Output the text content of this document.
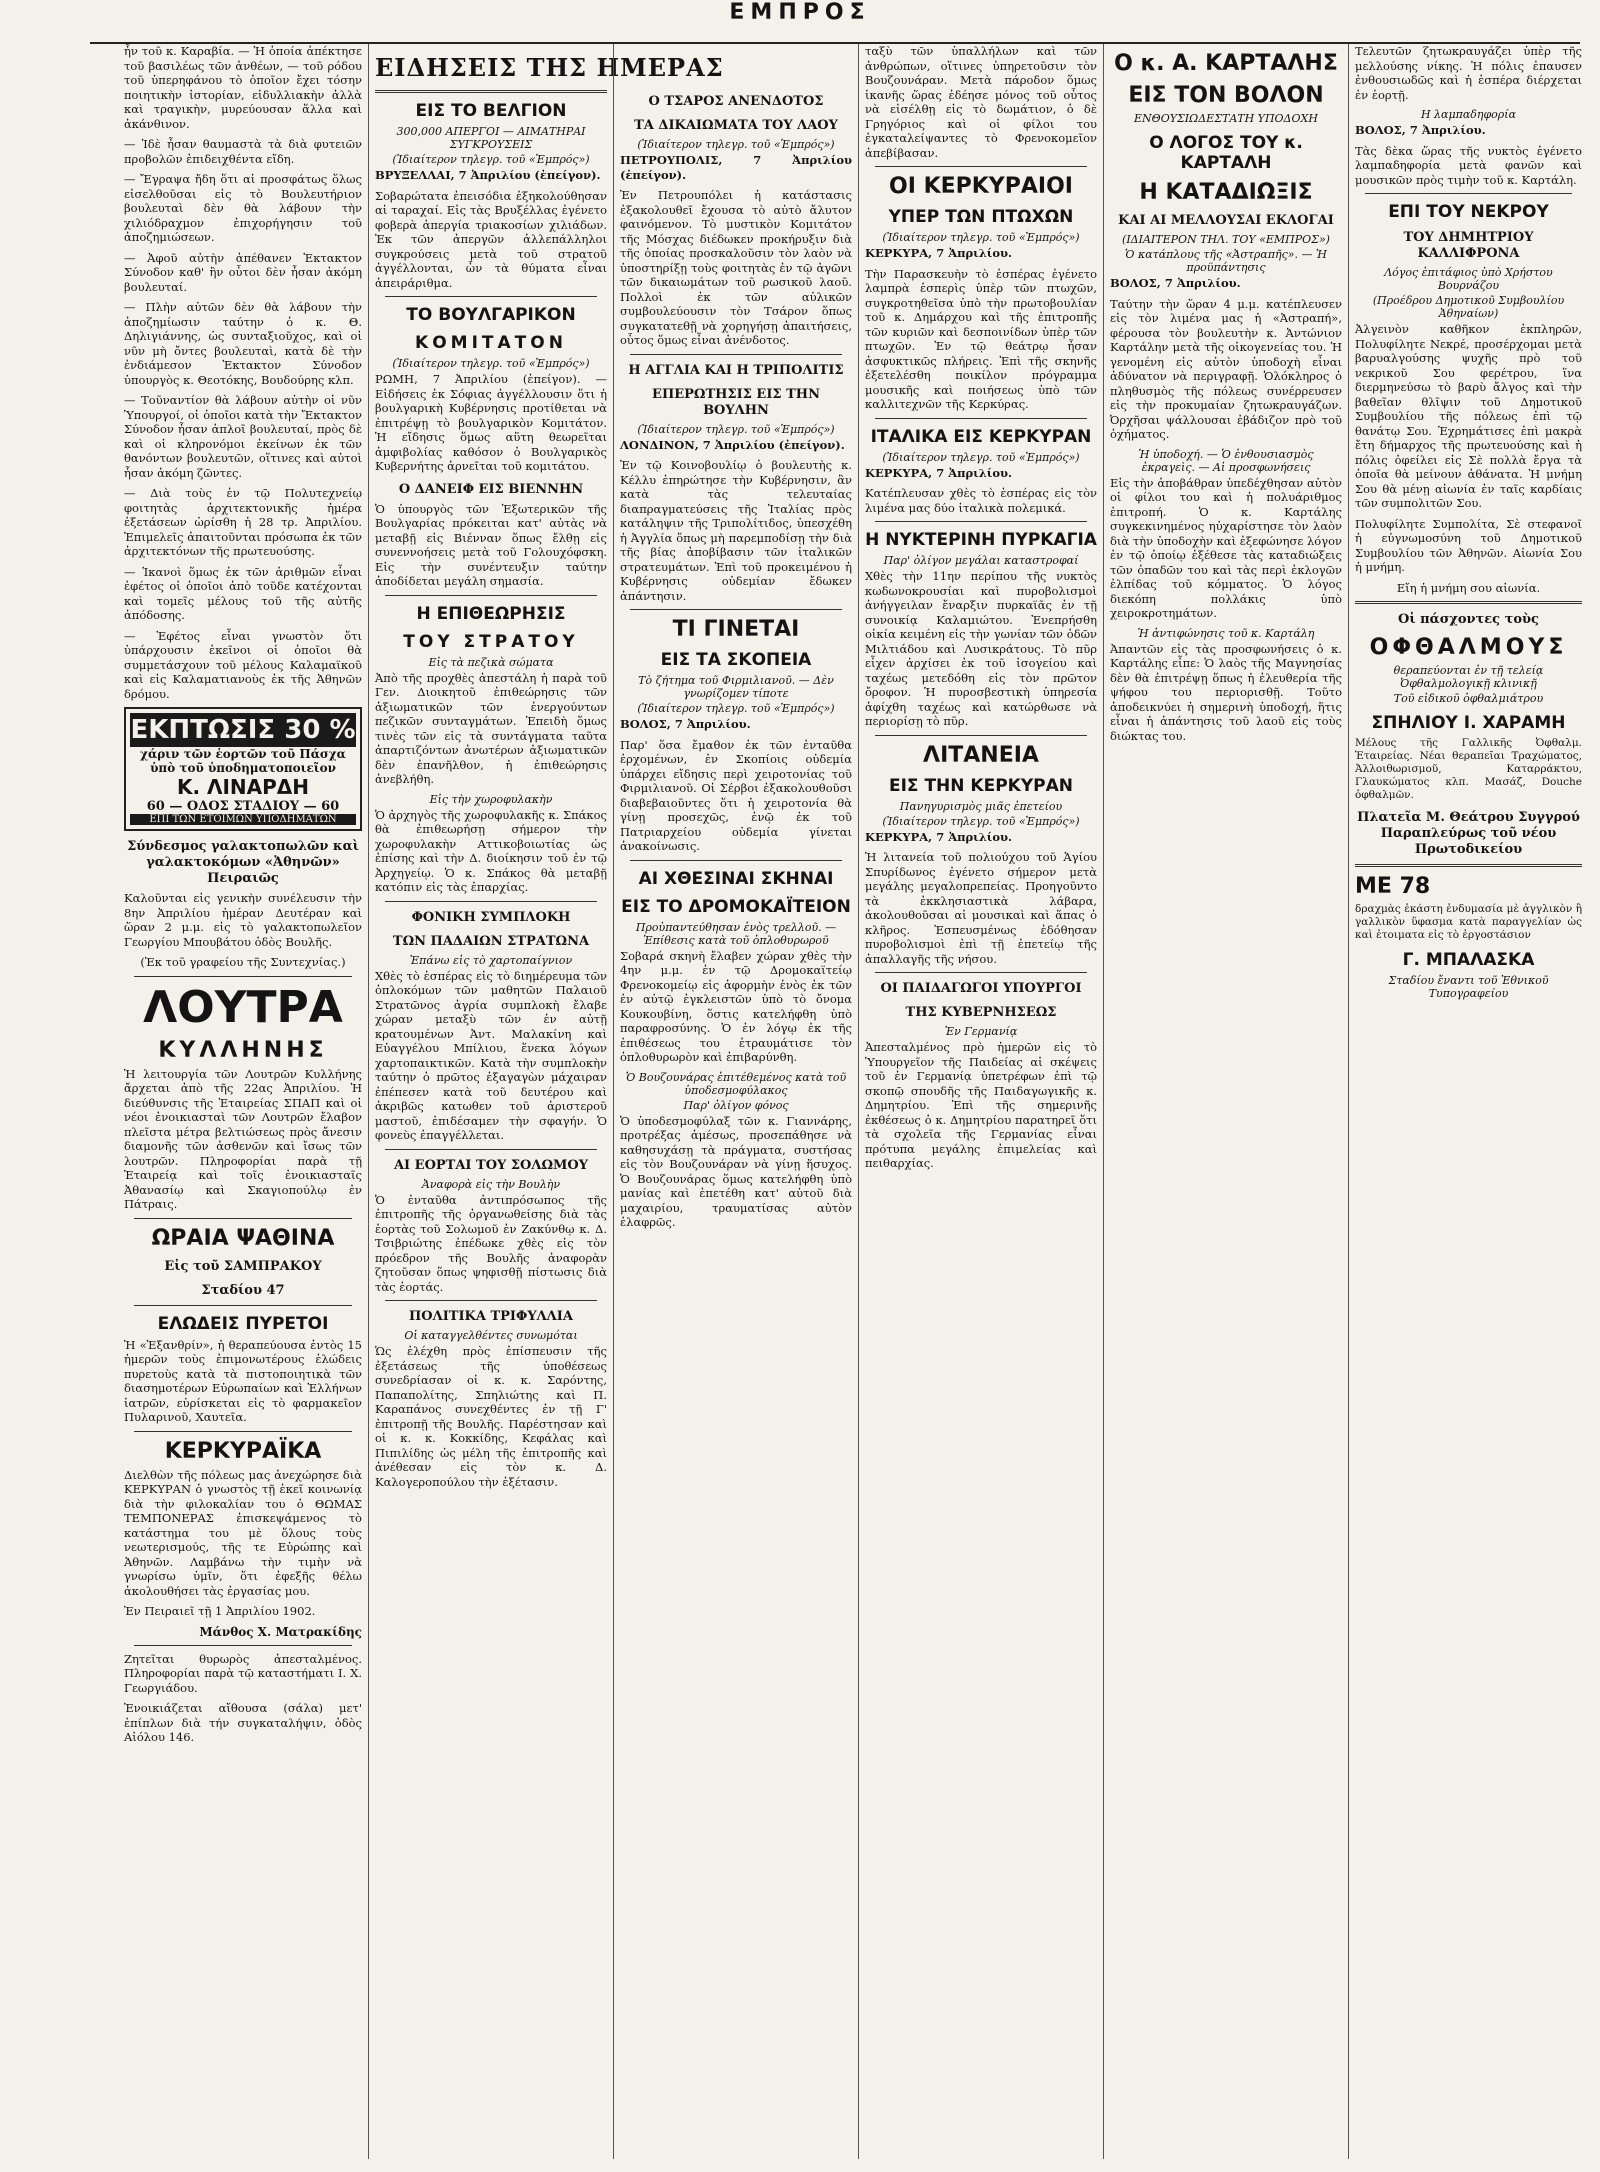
ΕΜΠΡΟΣ

ἦν τοῦ κ. Καραβία. — Ἡ ὁποία ἀπέκτησε τοῦ βασιλέως τῶν ἀνθέων, — τοῦ ρόδου τοῦ ὑπερηφάνου τὸ ὁποῖον ἔχει τόσην ποιητικὴν ἱστορίαν, εἰδυλλιακὴν ἀλλὰ καὶ τραγικὴν, μυρεύουσαν ἅλλα καὶ ἀκάνθινον.

— Ἰδὲ ἦσαν θαυμαστὰ τὰ διὰ φυτειῶν προβολῶν ἐπιδειχθέντα εἴδη.

— Ἔγραψα ἤδη ὅτι αἱ προσφάτως ὅλως εἰσελθοῦσαι εἰς τὸ Βουλευτήριον βουλευταὶ δὲν θὰ λάβουν τὴν χιλιόδραχμον ἐπιχορήγησιν τοῦ ἀποζημιώσεων.

— Ἀφοῦ αὐτὴν ἀπέθανεν Ἐκτακτον Σύνοδον καθ' ἣν οὗτοι δὲν ἦσαν ἀκόμη βουλευταί.

— Πλὴν αὐτῶν δὲν θὰ λάβουν τὴν ἀποζημίωσιν ταύτην ὁ κ. Θ. Δηλιγιάννης, ὡς συνταξιοῦχος, καὶ οἱ νῦν μὴ ὄντες βουλευταὶ, κατὰ δὲ τὴν ἐνδιάμεσον Ἐκτακτον Σύνοδον ὑπουργὸς κ. Θεοτόκης, Βουδούρης κλπ.

— Τοῦναντίον θὰ λάβουν αὐτὴν οἱ νῦν Ὑπουργοί, οἱ ὁποῖοι κατὰ τὴν Ἔκτακτον Σύνοδον ἦσαν ἁπλοῖ βουλευταί, πρὸς δὲ καὶ οἱ κληρονόμοι ἐκείνων ἐκ τῶν θανόντων βουλευτῶν, οἵτινες καὶ αὐτοὶ ἦσαν ἀκόμη ζῶντες.

— Διὰ τοὺς ἐν τῷ Πολυτεχνείῳ φοιτητὰς ἀρχιτεκτονικῆς ἡμέρα ἐξετάσεων ὡρίσθη ἡ 28 τρ. Ἀπριλίου. Ἐπιμελεῖς ἀπαιτοῦνται πρόσωπα ἐκ τῶν ἀρχιτεκτόνων τῆς πρωτευούσης.

— Ἱκανοὶ ὅμως ἐκ τῶν ἀριθμῶν εἶναι ἐφέτος οἱ ὁποῖοι ἀπὸ τοῦδε κατέχονται καὶ τομεῖς μέλους τοῦ τῆς αὐτῆς ἀπόδοσης.

— Ἐφέτος εἶναι γνωστὸν ὅτι ὑπάρχουσιν ἐκεῖνοι οἱ ὁποῖοι θὰ συμμετάσχουν τοῦ μέλους Καλαμαϊκοῦ καὶ εἰς Καλαματιανοὺς ἐκ τῆς Ἀθηνῶν δρόμου.

ΕΚΠΤΩΣΙΣ 30 %
χάριν τῶν ἑορτῶν τοῦ Πάσχα ὑπὸ τοῦ ὑποδηματοποιεῖον
Κ. ΛΙΝΑΡΔΗ
60 — ΟΔΟΣ ΣΤΑΔΙΟΥ — 60
ΕΠΙ ΤΩΝ ΕΤΟΙΜΩΝ ΥΠΟΔΗΜΑΤΩΝ
Σύνδεσμος γαλακτοπωλῶν καὶ γαλακτοκόμων «Ἀθηνῶν» Πειραιῶς

Καλοῦνται εἰς γενικὴν συνέλευσιν τὴν 8ην Ἀπριλίου ἡμέραν Δευτέραν καὶ ὥραν 2 μ.μ. εἰς τὸ γαλακτοπωλεῖον Γεωργίου Μπουβάτου ὁδὸς Βουλῆς.

(Ἐκ τοῦ γραφείου τῆς Συντεχνίας.)

ΛΟΥΤΡΑ
ΚΥΛΛΗΝΗΣ

Ἡ λειτουργία τῶν Λουτρῶν Κυλλήνης ἄρχεται ἀπὸ τῆς 22ας Ἀπριλίου. Ἡ διεύθυνσις τῆς Ἑταιρείας ΣΠΑΠ καὶ οἱ νέοι ἐνοικιασταὶ τῶν Λουτρῶν ἔλαβον πλεῖστα μέτρα βελτιώσεως πρὸς ἄνεσιν διαμονῆς τῶν ἀσθενῶν καὶ ἴσως τῶν λουτρῶν. Πληροφορίαι παρὰ τῇ Ἑταιρείᾳ καὶ τοῖς ἐνοικιασταῖς Ἀθανασίῳ καὶ Σκαγιοπούλῳ ἐν Πάτραις.

ΩΡΑΙΑ ΨΑΘΙΝΑ
Εἰς τοῦ ΣΑΜΠΡΑΚΟΥ
Σταδίου 47
ΕΛΩΔΕΙΣ ΠΥΡΕΤΟΙ

Ἡ «Ἐξανθρίν», ἡ θεραπεύουσα ἐντὸς 15 ἡμερῶν τοὺς ἐπιμονωτέρους ἑλώδεις πυρετοὺς κατὰ τὰ πιστοποιητικὰ τῶν διασημοτέρων Εὐρωπαίων καὶ Ἑλλήνων ἰατρῶν, εὑρίσκεται εἰς τὸ φαρμακεῖον Πυλαρινοῦ, Χαυτεῖα.

ΚΕΡΚΥΡΑΪΚΑ

Διελθὼν τῆς πόλεως μας ἀνεχώρησε διὰ ΚΕΡΚΥΡΑΝ ὁ γνωστὸς τῇ ἐκεῖ κοινωνίᾳ διὰ τὴν φιλοκαλίαν του ὁ ΘΩΜΑΣ ΤΕΜΠΟΝΕΡΑΣ ἐπισκεψάμενος τὸ κατάστημα του μὲ ὅλους τοὺς νεωτερισμούς, τῆς τε Εὐρώπης καὶ Ἀθηνῶν. Λαμβάνω τὴν τιμὴν νὰ γνωρίσω ὑμῖν, ὅτι ἐφεξῆς θέλω ἀκολουθήσει τὰς ἐργασίας μου.

Ἐν Πειραιεῖ τῇ 1 Ἀπριλίου 1902.

Μάνθος Χ. Ματρακίδης

Ζητεῖται θυρωρὸς ἀπεσταλμένος. Πληροφορίαι παρὰ τῷ καταστήματι Ι. Χ. Γεωργιάδου.

Ἐνοικιάζεται αἴθουσα (σάλα) μετ' ἐπίπλων διὰ τήν συγκαταλήψιν, ὁδὸς Αἰόλου 146.

ΕΙΔΗΣΕΙΣ ΤΗΣ ΗΜΕΡΑΣ
ΕΙΣ ΤΟ ΒΕΛΓΙΟΝ
300,000 ΑΠΕΡΓΟΙ — ΑΙΜΑΤΗΡΑΙ ΣΥΓΚΡΟΥΣΕΙΣ
(Ἰδιαίτερον τηλεγρ. τοῦ «Ἐμπρός»)

ΒΡΥΞΕΛΛΑΙ, 7 Ἀπριλίου (ἐπείγον).

Σοβαρώτατα ἐπεισόδια ἐξηκολούθησαν αἱ ταραχαί. Εἰς τὰς Βρυξέλλας ἐγένετο φοβερὰ ἀπεργία τριακοσίων χιλιάδων. Ἐκ τῶν ἀπεργῶν ἀλλεπάλληλοι συγκρούσεις μετὰ τοῦ στρατοῦ ἀγγέλλονται, ὧν τὰ θύματα εἶναι ἀπειράριθμα.

ΤΟ ΒΟΥΛΓΑΡΙΚΟΝ
ΚΟΜΙΤΑΤΟΝ
(Ἰδιαίτερον τηλεγρ. τοῦ «Ἐμπρός»)

ΡΩΜΗ, 7 Ἀπριλίου (ἐπείγον). — Εἰδήσεις ἐκ Σόφιας ἀγγέλλουσιν ὅτι ἡ βουλγαρικὴ Κυβέρνησις προτίθεται νὰ ἐπιτρέψῃ τὸ βουλγαρικὸν Κομιτάτον. Ἡ εἴδησις ὅμως αὕτη θεωρεῖται ἀμφιβολίας καθόσον ὁ Βουλγαρικὸς Κυβερνήτης ἀρνεῖται τοῦ κομιτάτου.

Ο ΔΑΝΕΙΦ ΕΙΣ ΒΙΕΝΝΗΝ

Ὁ ὑπουργὸς τῶν Ἐξωτερικῶν τῆς Βουλγαρίας πρόκειται κατ' αὐτὰς νὰ μεταβῇ εἰς Βιένναν ὅπως ἔλθῃ εἰς συνεννοήσεις μετὰ τοῦ Γολουχόφσκη. Εἰς τὴν συνέντευξιν ταύτην ἀποδίδεται μεγάλη σημασία.

Η ΕΠΙΘΕΩΡΗΣΙΣ
ΤΟΥ ΣΤΡΑΤΟΥ
Εἰς τὰ πεζικὰ σώματα

Ἀπὸ τῆς προχθὲς ἀπεστάλη ἡ παρὰ τοῦ Γεν. Διοικητοῦ ἐπιθεώρησις τῶν ἀξιωματικῶν τῶν ἐνεργούντων πεζικῶν συνταγμάτων. Ἐπειδὴ ὅμως τινὲς τῶν εἰς τὰ συντάγματα ταῦτα ἀπαρτιζόντων ἀνωτέρων ἀξιωματικῶν δὲν ἐπανῆλθον, ἡ ἐπιθεώρησις ἀνεβλήθη.

Εἰς τὴν χωροφυλακὴν

Ὁ ἀρχηγὸς τῆς χωροφυλακῆς κ. Σπάκος θὰ ἐπιθεωρήσῃ σήμερον τὴν χωροφυλακὴν Αττικοβοιωτίας ὡς ἐπίσης καὶ τὴν Δ. διοίκησιν τοῦ ἐν τῷ Ἀρχηγείῳ. Ὁ κ. Σπάκος θὰ μεταβῇ κατόπιν εἰς τὰς ἐπαρχίας.

ΦΟΝΙΚΗ ΣΥΜΠΛΟΚΗ
ΤΩΝ ΠΑΔΑΙΩΝ ΣΤΡΑΤΩΝΑ
Ἐπάνω εἰς τὸ χαρτοπαίγνιον

Χθὲς τὸ ἑσπέρας εἰς τὸ διημέρευμα τῶν ὁπλοκόμων τῶν μαθητῶν Παλαιοῦ Στρατῶνος ἀγρία συμπλοκὴ ἔλαβε χώραν μεταξὺ τῶν ἐν αὐτῇ κρατουμένων Ἀντ. Μαλακίνη καὶ Εὐαγγέλου Μπίλιου, ἕνεκα λόγων χαρτοπαικτικῶν. Κατὰ τὴν συμπλοκὴν ταύτην ὁ πρῶτος ἐξαγαγὼν μάχαιραν ἐπέπεσεν κατὰ τοῦ δευτέρου καὶ ἀκριβῶς κατωθεν τοῦ ἀριστεροῦ μαστοῦ, ἐπιδέσαμεν τὴν σφαγήν. Ὁ φονεὺς ἐπαγγέλλεται.

ΑΙ ΕΟΡΤΑΙ ΤΟΥ ΣΟΛΩΜΟΥ
Ἀναφορὰ εἰς τὴν Βουλὴν

Ὁ ἐνταῦθα ἀντιπρόσωπος τῆς ἐπιτροπῆς τῆς ὀργανωθείσης διὰ τὰς ἑορτὰς τοῦ Σολωμοῦ ἐν Ζακύνθῳ κ. Δ. Τσιβριώτης ἐπέδωκε χθὲς εἰς τὸν πρόεδρον τῆς Βουλῆς ἀναφορὰν ζητοῦσαν ὅπως ψηφισθῇ πίστωσις διὰ τὰς ἑορτάς.

ΠΟΛΙΤΙΚΑ ΤΡΙΦΥΛΛΙΑ
Οἱ καταγγελθέντες συνωμόται

Ὡς ἐλέχθη πρὸς ἐπίσπευσιν τῆς ἐξετάσεως τῆς ὑποθέσεως συνεδρίασαν οἱ κ. κ. Σαρόντης, Παπαπολίτης, Σπηλιώτης καὶ Π. Καραπάνος συνεχθέντες ἐν τῇ Γ' ἐπιτροπῇ τῆς Βουλῆς. Παρέστησαν καὶ οἱ κ. κ. Κοκκίδης, Κεφάλας καὶ Πιπιλίδης ὡς μέλη τῆς ἐπιτροπῆς καὶ ἀνέθεσαν εἰς τὸν κ. Δ. Καλογεροπούλου τὴν ἐξέτασιν.

Ο ΤΣΑΡΟΣ ΑΝΕΝΔΟΤΟΣ
ΤΑ ΔΙΚΑΙΩΜΑΤΑ ΤΟΥ ΛΑΟΥ
(Ἰδιαίτερον τηλεγρ. τοῦ «Ἐμπρός»)

ΠΕΤΡΟΥΠΟΛΙΣ, 7 Ἀπριλίου (ἐπείγον).

Ἐν Πετρουπόλει ἡ κατάστασις ἐξακολουθεῖ ἔχουσα τὸ αὐτὸ ἄλυτον φαινόμενον. Τὸ μυστικὸν Κομιτάτον τῆς Μόσχας διέδωκεν προκήρυξιν διὰ τῆς ὁποίας προσκαλοῦσιν τὸν λαὸν νὰ ὑποστηρίξῃ τοὺς φοιτητὰς ἐν τῷ ἀγῶνι τῶν δικαιωμάτων τοῦ ρωσικοῦ λαοῦ. Πολλοὶ ἐκ τῶν αὐλικῶν συμβουλεύουσιν τὸν Τσάρον ὅπως συγκατατεθῇ νὰ χορηγήσῃ ἀπαιτήσεις, οὗτος ὅμως εἶναι ἀνένδοτος.

Η ΑΓΓΛΙΑ ΚΑΙ Η ΤΡΙΠΟΛΙΤΙΣ
ΕΠΕΡΩΤΗΣΙΣ ΕΙΣ ΤΗΝ ΒΟΥΛΗΝ
(Ἰδιαίτερον τηλεγρ. τοῦ «Ἐμπρός»)

ΛΟΝΔΙΝΟΝ, 7 Ἀπριλίου (ἐπείγον).

Ἐν τῷ Κοινοβουλίῳ ὁ βουλευτὴς κ. Κέλλυ ἐπηρώτησε τὴν Κυβέρνησιν, ἂν κατὰ τὰς τελευταίας διαπραγματεύσεις τῆς Ἰταλίας πρὸς κατάληψιν τῆς Τριπολίτιδος, ὑπεσχέθη ἡ Ἀγγλία ὅπως μὴ παρεμποδίσῃ τὴν διὰ τῆς βίας ἀποβίβασιν τῶν ἰταλικῶν στρατευμάτων. Ἐπὶ τοῦ προκειμένου ἡ Κυβέρνησις οὐδεμίαν ἔδωκεν ἀπάντησιν.

ΤΙ ΓΙΝΕΤΑΙ
ΕΙΣ ΤΑ ΣΚΟΠΕΙΑ
Τὸ ζήτημα τοῦ Φιρμιλιανοῦ. — Δὲν γνωρίζομεν τίποτε
(Ἰδιαίτερον τηλεγρ. τοῦ «Ἐμπρός»)

ΒΟΛΟΣ, 7 Ἀπριλίου.

Παρ' ὅσα ἔμαθον ἐκ τῶν ἐνταῦθα ἐρχομένων, ἐν Σκοπίοις οὐδεμία ὑπάρχει εἴδησις περὶ χειροτονίας τοῦ Φιρμιλιανοῦ. Οἱ Σέρβοι ἐξακολουθοῦσι διαβεβαιοῦντες ὅτι ἡ χειροτονία θὰ γίνῃ προσεχῶς, ἐνῷ ἐκ τοῦ Πατριαρχείου οὐδεμία γίνεται ἀνακοίνωσις.

ΑΙ ΧΘΕΣΙΝΑΙ ΣΚΗΝΑΙ
ΕΙΣ ΤΟ ΔΡΟΜΟΚΑΪΤΕΙΟΝ
Προὐπαντεύθησαν ἑνὸς τρελλοῦ. — Ἐπίθεσις κατὰ τοῦ ὁπλοθυρωροῦ

Σοβαρά σκηνὴ ἔλαβεν χώραν χθὲς τὴν 4ην μ.μ. ἐν τῷ Δρομοκαϊτείῳ Φρενοκομείῳ εἰς ἀφορμὴν ἑνὸς ἐκ τῶν ἐν αὐτῷ ἐγκλειστῶν ὑπὸ τὸ ὄνομα Κουκουβίνη, ὅστις κατελήφθη ὑπὸ παραφροσύνης. Ὁ ἐν λόγῳ ἐκ τῆς ἐπιθέσεως του ἐτραυμάτισε τὸν ὁπλοθυρωρὸν καὶ ἐπιβαρύνθη.

Ὁ Βουζουνάρας ἐπιτέθεμένος κατὰ τοῦ ὑποδεσμοφύλακος
Παρ' ὀλίγον φόνος

Ὁ ὑποδεσμοφύλαξ τῶν κ. Γιαννάρης, προτρέξας ἀμέσως, προσεπάθησε νὰ καθησυχάσῃ τὰ πράγματα, συστήσας εἰς τὸν Βουζουνάραν νὰ γίνῃ ἥσυχος. Ὁ Βουζουνάρας ὅμως κατελήφθη ὑπὸ μανίας καὶ ἐπετέθη κατ' αὐτοῦ διὰ μαχαιρίου, τραυματίσας αὐτὸν ἐλαφρῶς.

ταξὺ τῶν ὑπαλλήλων καὶ τῶν ἀνθρώπων, οἵτινες ὑπηρετοῦσιν τὸν Βουζουνάραν. Μετὰ πάροδον ὅμως ἱκανῆς ὥρας ἐδέησε μόνος τοῦ οὗτος νὰ εἰσέλθῃ εἰς τὸ δωμάτιον, ὁ δὲ Γρηγόριος καὶ οἱ φίλοι του ἐγκαταλείψαντες τὸ Φρενοκομεῖον ἀπεβίβασαν.

ΟΙ ΚΕΡΚΥΡΑΙΟΙ
ΥΠΕΡ ΤΩΝ ΠΤΩΧΩΝ
(Ἰδιαίτερον τηλεγρ. τοῦ «Ἐμπρός»)

ΚΕΡΚΥΡΑ, 7 Ἀπριλίου.

Τὴν Παρασκευὴν τὸ ἑσπέρας ἐγένετο λαμπρὰ ἑσπερὶς ὑπὲρ τῶν πτωχῶν, συγκροτηθεῖσα ὑπὸ τὴν πρωτοβουλίαν τοῦ κ. Δημάρχου καὶ τῆς ἐπιτροπῆς τῶν κυριῶν καὶ δεσποινίδων ὑπὲρ τῶν πτωχῶν. Ἐν τῷ θεάτρῳ ἦσαν ἀσφυκτικῶς πλήρεις. Ἐπὶ τῆς σκηνῆς ἐξετελέσθη ποικίλον πρόγραμμα μουσικῆς καὶ ποιήσεως ὑπὸ τῶν καλλιτεχνῶν τῆς Κερκύρας.

ΙΤΑΛΙΚΑ ΕΙΣ ΚΕΡΚΥΡΑΝ
(Ἰδιαίτερον τηλεγρ. τοῦ «Ἐμπρός»)

ΚΕΡΚΥΡΑ, 7 Ἀπριλίου.

Κατέπλευσαν χθὲς τὸ ἑσπέρας εἰς τὸν λιμένα μας δύο ἰταλικὰ πολεμικά.

Η ΝΥΚΤΕΡΙΝΗ ΠΥΡΚΑΓΙΑ
Παρ' ὀλίγον μεγάλαι καταστροφαί

Χθὲς τὴν 11ην περίπου τῆς νυκτὸς κωδωνοκρουσίαι καὶ πυροβολισμοὶ ἀνήγγειλαν ἔναρξιν πυρκαϊᾶς ἐν τῇ συνοικίᾳ Καλαμιώτου. Ἐνεπρήσθη οἰκία κειμένη εἰς τὴν γωνίαν τῶν ὁδῶν Μιλτιάδου καὶ Λυσικράτους. Τὸ πῦρ εἶχεν ἀρχίσει ἐκ τοῦ ἰσογείου καὶ ταχέως μετεδόθη εἰς τὸν πρῶτον ὄροφον. Ἡ πυροσβεστικὴ ὑπηρεσία ἀφίχθη ταχέως καὶ κατώρθωσε νὰ περιορίσῃ τὸ πῦρ.

ΛΙΤΑΝΕΙΑ
ΕΙΣ ΤΗΝ ΚΕΡΚΥΡΑΝ
Πανηγυρισμὸς μιᾶς ἐπετείου
(Ἰδιαίτερον τηλεγρ. τοῦ «Ἐμπρός»)

ΚΕΡΚΥΡΑ, 7 Ἀπριλίου.

Ἡ λιτανεία τοῦ πολιούχου τοῦ Ἁγίου Σπυρίδωνος ἐγένετο σήμερον μετὰ μεγάλης μεγαλοπρεπείας. Προηγοῦντο τὰ ἐκκλησιαστικὰ λάβαρα, ἀκολουθοῦσαι αἱ μουσικαὶ καὶ ἅπας ὁ κλῆρος. Ἐσπευσμένως ἐδόθησαν πυροβολισμοὶ ἐπὶ τῇ ἐπετείῳ τῆς ἀπαλλαγῆς τῆς νήσου.

ΟΙ ΠΑΙΔΑΓΩΓΟΙ ΥΠΟΥΡΓΟΙ
ΤΗΣ ΚΥΒΕΡΝΗΣΕΩΣ
Ἐν Γερμανίᾳ

Ἀπεσταλμένος πρὸ ἡμερῶν εἰς τὸ Ὑπουργεῖον τῆς Παιδείας αἱ σκέψεις τοῦ ἐν Γερμανίᾳ ὑπετρέφων ἐπὶ τῷ σκοπῷ σπουδῆς τῆς Παιδαγωγικῆς κ. Δημητρίου. Ἐπὶ τῆς σημερινῆς ἐκθέσεως ὁ κ. Δημητρίου παρατηρεῖ ὅτι τὰ σχολεῖα τῆς Γερμανίας εἶναι πρότυπα μεγάλης ἐπιμελείας καὶ πειθαρχίας.

Ο κ. Α. ΚΑΡΤΑΛΗΣ
ΕΙΣ ΤΟΝ ΒΟΛΟΝ
ΕΝΘΟΥΣΙΩΔΕΣΤΑΤΗ ΥΠΟΔΟΧΗ
Ο ΛΟΓΟΣ ΤΟΥ κ. ΚΑΡΤΑΛΗ
Η ΚΑΤΑΔΙΩΞΙΣ
ΚΑΙ ΑΙ ΜΕΛΛΟΥΣΑΙ ΕΚΛΟΓΑΙ
(ΙΔΙΑΙΤΕΡΟΝ ΤΗΛ. ΤΟΥ «ΕΜΠΡΟΣ»)
Ὁ κατάπλους τῆς «Ἀστραπῆς». — Ἡ προϋπάντησις

ΒΟΛΟΣ, 7 Ἀπριλίου.

Ταύτην τὴν ὥραν 4 μ.μ. κατέπλευσεν εἰς τὸν λιμένα μας ἡ «Ἀστραπή», φέρουσα τὸν βουλευτὴν κ. Ἀντώνιον Καρτάλην μετὰ τῆς οἰκογενείας του. Ἡ γενομένη εἰς αὐτὸν ὑποδοχὴ εἶναι ἀδύνατον νὰ περιγραφῇ. Ὁλόκληρος ὁ πληθυσμὸς τῆς πόλεως συνέρρευσεν εἰς τὴν προκυμαίαν ζητωκραυγάζων. Ὀρχῆσαι ψάλλουσαι ἐβάδιζον πρὸ τοῦ ὀχήματος.

Ἡ ὑποδοχή. — Ὁ ἐνθουσιασμὸς ἐκραγεὶς. — Αἱ προσφωνήσεις

Εἰς τὴν ἀποβάθραν ὑπεδέχθησαν αὐτὸν οἱ φίλοι του καὶ ἡ πολυάριθμος ἐπιτροπή. Ὁ κ. Καρτάλης συγκεκινημένος ηὐχαρίστησε τὸν λαὸν διὰ τὴν ὑποδοχὴν καὶ ἐξεφώνησε λόγον ἐν τῷ ὁποίῳ ἐξέθεσε τὰς καταδιώξεις τῶν ὀπαδῶν του καὶ τὰς περὶ ἐκλογῶν ἐλπίδας τοῦ κόμματος. Ὁ λόγος διεκόπη πολλάκις ὑπὸ χειροκροτημάτων.

Ἡ ἀντιφώνησις τοῦ κ. Καρτάλη

Ἀπαντῶν εἰς τὰς προσφωνήσεις ὁ κ. Καρτάλης εἶπε: Ὁ λαὸς τῆς Μαγνησίας δὲν θὰ ἐπιτρέψῃ ὅπως ἡ ἐλευθερία τῆς ψήφου του περιορισθῇ. Τοῦτο ἀποδεικνύει ἡ σημερινὴ ὑποδοχή, ἥτις εἶναι ἡ ἀπάντησις τοῦ λαοῦ εἰς τοὺς διώκτας του.

Τελευτῶν ζητωκραυγάζει ὑπὲρ τῆς μελλούσης νίκης. Ἡ πόλις ἐπαυσεν ἐνθουσιωδῶς καὶ ἡ ἑσπέρα διέρχεται ἐν ἑορτῇ.

Η λαμπαδηφορία

ΒΟΛΟΣ, 7 Ἀπριλίου.

Τὰς δὲκα ὥρας τῆς νυκτὸς ἐγένετο λαμπαδηφορία μετὰ φανῶν καὶ μουσικῶν πρὸς τιμὴν τοῦ κ. Καρτάλη.

ΕΠΙ ΤΟΥ ΝΕΚΡΟΥ
ΤΟΥ ΔΗΜΗΤΡΙΟΥ ΚΑΛΛΙΦΡΟΝΑ
Λόγος ἐπιτάφιος ὑπὸ Χρήστου Βουρνάζου
(Προέδρου Δημοτικοῦ Συμβουλίου Ἀθηναίων)

Ἀλγεινὸν καθῆκον ἐκπληρῶν, Πολυφίλητε Νεκρέ, προσέρχομαι μετὰ βαρυαλγούσης ψυχῆς πρὸ τοῦ νεκρικοῦ Σου φερέτρου, ἵνα διερμηνεύσω τὸ βαρὺ ἄλγος καὶ τὴν βαθεῖαν θλῖψιν τοῦ Δημοτικοῦ Συμβουλίου τῆς πόλεως ἐπὶ τῷ θανάτῳ Σου. Ἐχρημάτισες ἐπὶ μακρὰ ἔτη δήμαρχος τῆς πρωτευούσης καὶ ἡ πόλις ὀφείλει εἰς Σὲ πολλὰ ἔργα τὰ ὁποῖα θὰ μείνουν ἀθάνατα. Ἡ μνήμη Σου θὰ μένῃ αἰωνία ἐν ταῖς καρδίαις τῶν συμπολιτῶν Σου.

Πολυφίλητε Συμπολίτα, Σὲ στεφανοῖ ἡ εὐγνωμοσύνη τοῦ Δημοτικοῦ Συμβουλίου τῶν Ἀθηνῶν. Αἰωνία Σου ἡ μνήμη.

Εἴη ἡ μνήμη σου αἰωνία.

Οἱ πάσχοντες τοὺς
ΟΦΘΑΛΜΟΥΣ
θεραπεύονται ἐν τῇ τελείᾳ Ὀφθαλμολογικῇ κλινικῇ
Τοῦ εἰδικοῦ ὀφθαλμιάτρου
ΣΠΗΛΙΟΥ Ι. ΧΑΡΑΜΗ

Μέλους τῆς Γαλλικῆς Ὀφθαλμ. Ἑταιρείας. Νέαι θεραπεῖαι Τραχώματος, Ἀλλοιθωρισμοῦ, Καταρράκτου, Γλαυκώματος κλπ. Μασάζ, Douche ὀφθαλμῶν.

Πλατεῖα Μ. Θεάτρου Συγγρού Παραπλεύρως τοῦ νέου Πρωτοδικείου
ΜΕ 78

δραχμὰς ἑκάστη ἐνδυμασία μὲ ἀγγλικὸν ἢ γαλλικὸν ὕφασμα κατὰ παραγγελίαν ὡς καὶ ἐτοιματα εἰς τὸ ἐργοστάσιον

Γ. ΜΠΑΛΑΣΚΑ
Σταδίου ἔναντι τοῦ Ἐθνικοῦ Τυπογραφείου
